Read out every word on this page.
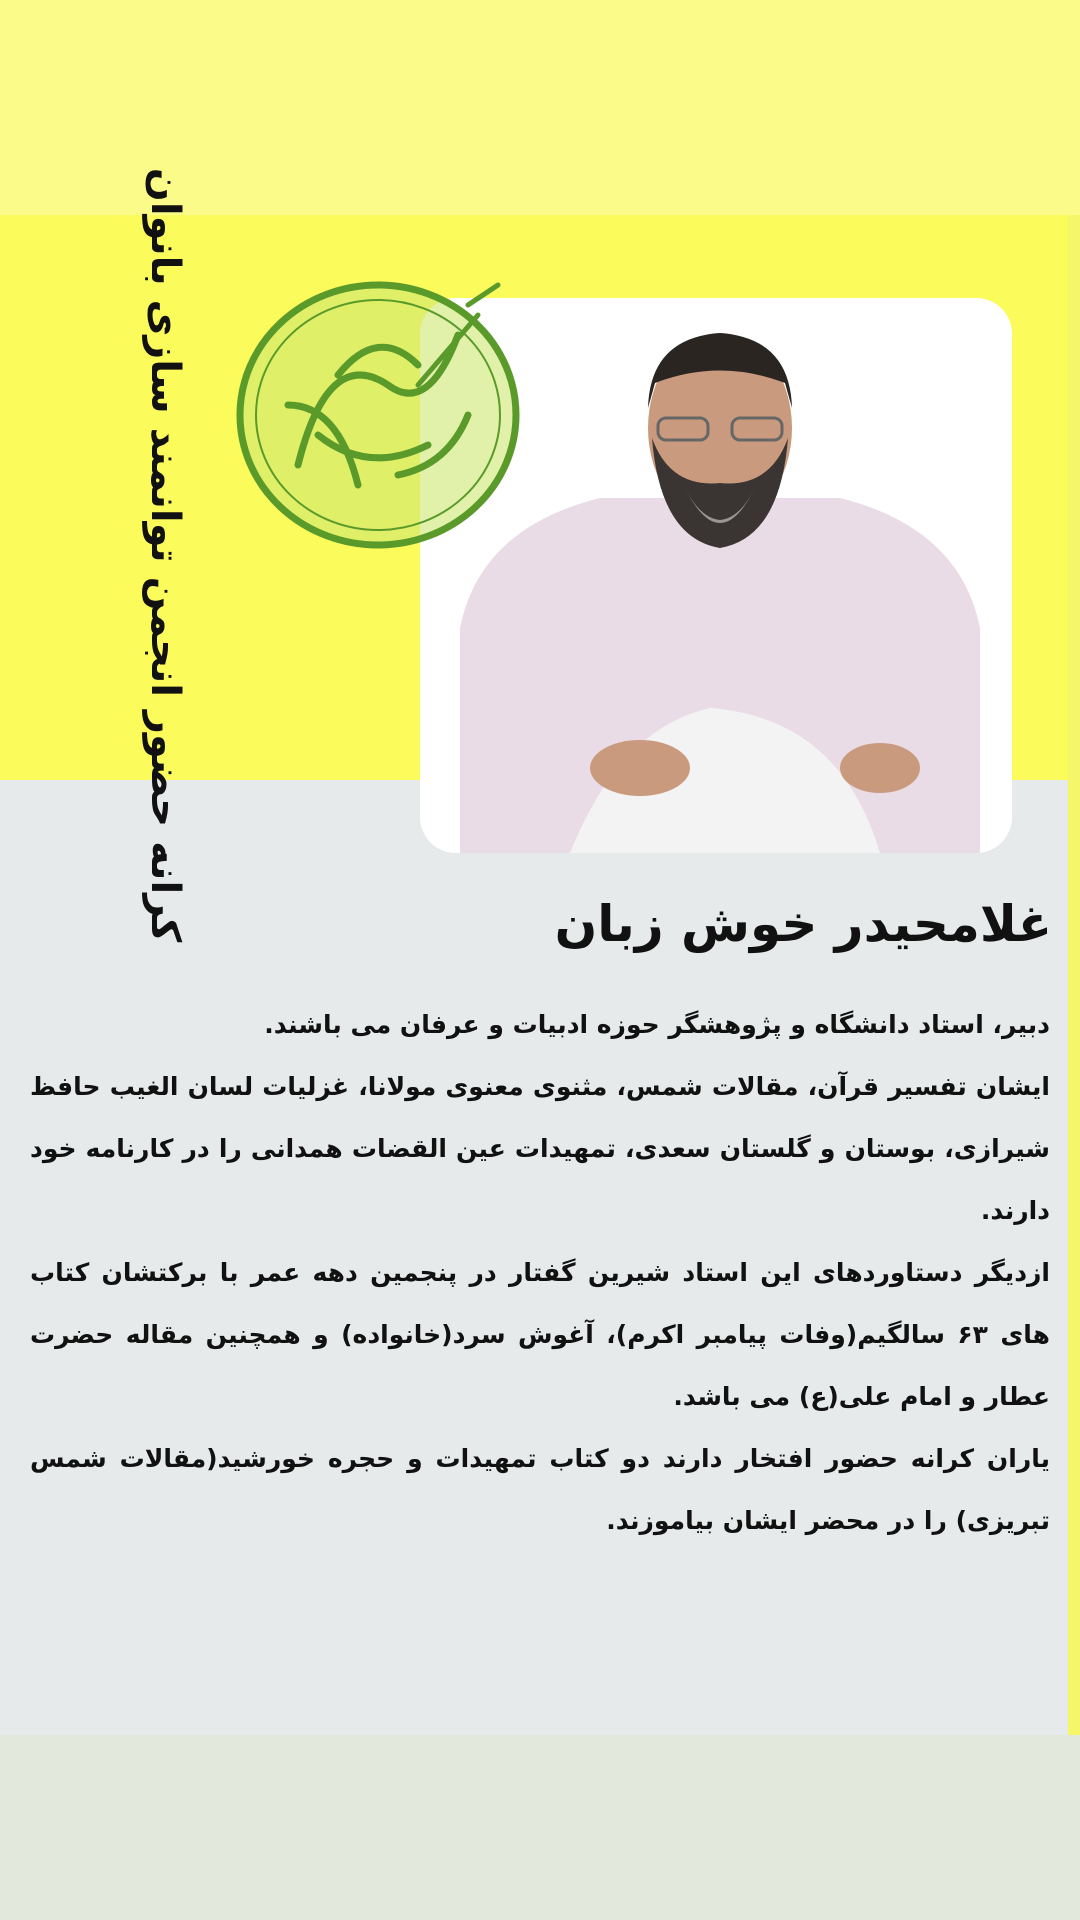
کرانه حضور انجمن توانمند سازی بانوان	غلامحیدر خوش زبان
دبیر، استاد دانشگاه و پژوهشگر حوزه ادبیات و عرفان می باشند.
ایشان تفسیر قرآن، مقالات شمس، مثنوی معنوی مولانا، غزلیات لسان الغیب حافظ
شیرازی، بوستان و گلستان سعدی، تمهیدات عین القضات همدانی را در کارنامه خود
دارند.
ازدیگر دستاوردهای این استاد شیرین گفتار در پنجمین دهه عمر با برکتشان کتاب
های ۶۳ سالگیم(وفات پیامبر اکرم)، آغوش سرد(خانواده) و همچنین مقاله حضرت
عطار و امام علی(ع) می باشد.
یاران کرانه حضور افتخار دارند دو کتاب تمهیدات و حجره خورشید(مقالات شمس
تبریزی) را در محضر ایشان بیاموزند.
